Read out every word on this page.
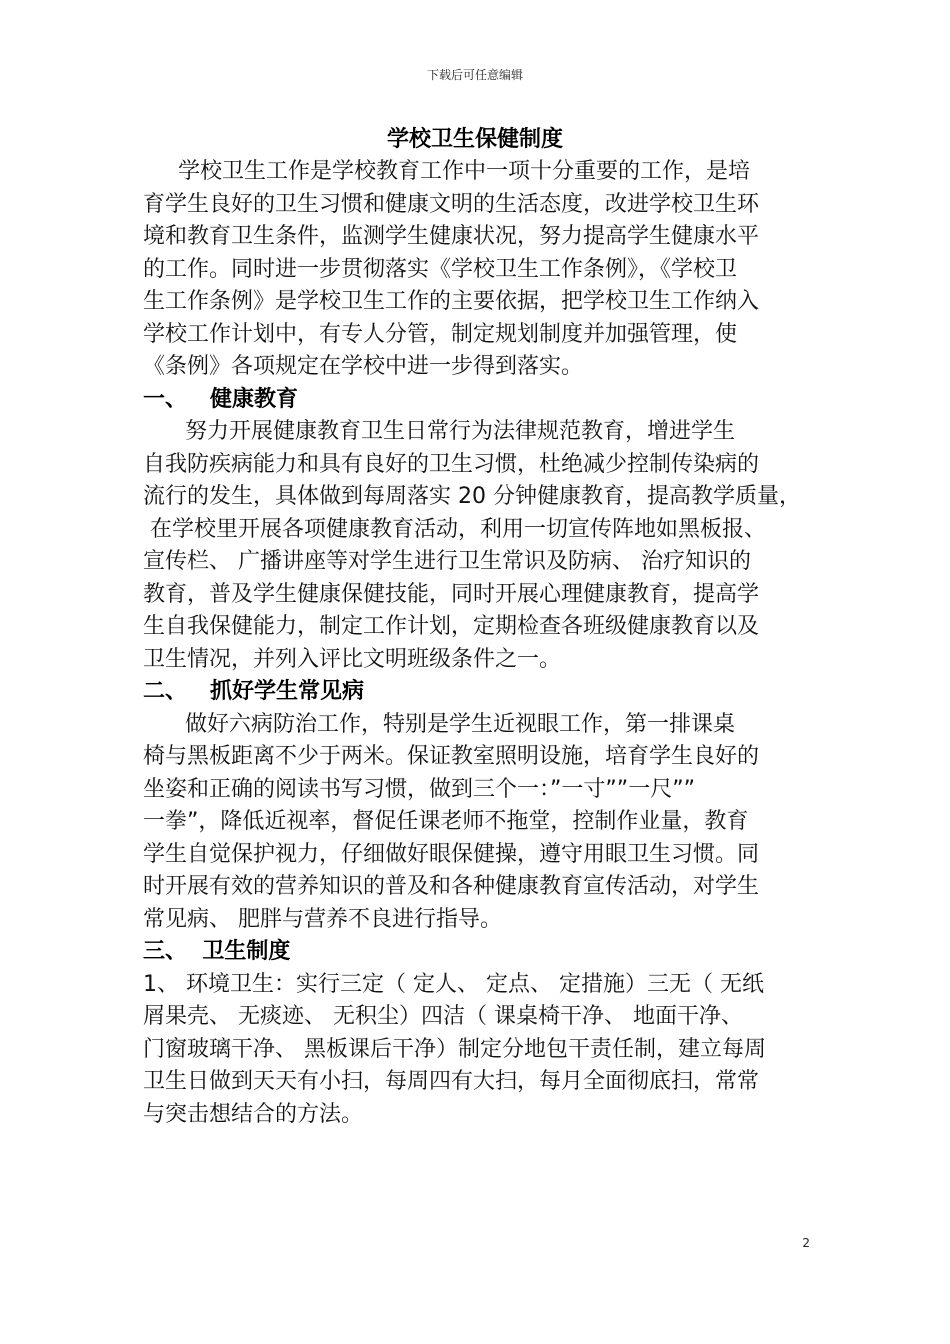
下载后可任意编辑
学校卫生保健制度
学校卫生工作是学校教育工作中一项十分重要的工作，是培
育学生良好的卫生习惯和健康文明的生活态度，改进学校卫生环
境和教育卫生条件，监测学生健康状况，努力提高学生健康水平
的工作。同时进一步贯彻落实《学校卫生工作条例》，《学校卫
生工作条例》是学校卫生工作的主要依据，把学校卫生工作纳入
学校工作计划中，有专人分管，制定规划制度并加强管理，使
《条例》各项规定在学校中进一步得到落实。
一、   健康教育
努力开展健康教育卫生日常行为法律规范教育，增进学生
自我防疾病能力和具有良好的卫生习惯，杜绝减少控制传染病的
流行的发生，具体做到每周落实 20 分钟健康教育，提高教学质量，
在学校里开展各项健康教育活动，利用一切宣传阵地如黑板报、
宣传栏、 广播讲座等对学生进行卫生常识及防病、 治疗知识的
教育，普及学生健康保健技能，同时开展心理健康教育，提高学
生自我保健能力，制定工作计划，定期检查各班级健康教育以及
卫生情况，并列入评比文明班级条件之一。
二、   抓好学生常见病
做好六病防治工作，特别是学生近视眼工作，第一排课桌
椅与黑板距离不少于两米。保证教室照明设施，培育学生良好的
坐姿和正确的阅读书写习惯，做到三个一：”一寸””一尺””
一拳”，降低近视率，督促任课老师不拖堂，控制作业量，教育
学生自觉保护视力，仔细做好眼保健操，遵守用眼卫生习惯。同
时开展有效的营养知识的普及和各种健康教育宣传活动，对学生
常见病、 肥胖与营养不良进行指导。
三、  卫生制度
1、 环境卫生：实行三定（ 定人、 定点、 定措施）三无（ 无纸
屑果壳、 无痰迹、 无积尘）四洁（ 课桌椅干净、 地面干净、
门窗玻璃干净、 黑板课后干净）制定分地包干责任制，建立每周
卫生日做到天天有小扫，每周四有大扫，每月全面彻底扫，常常
与突击想结合的方法。
2
